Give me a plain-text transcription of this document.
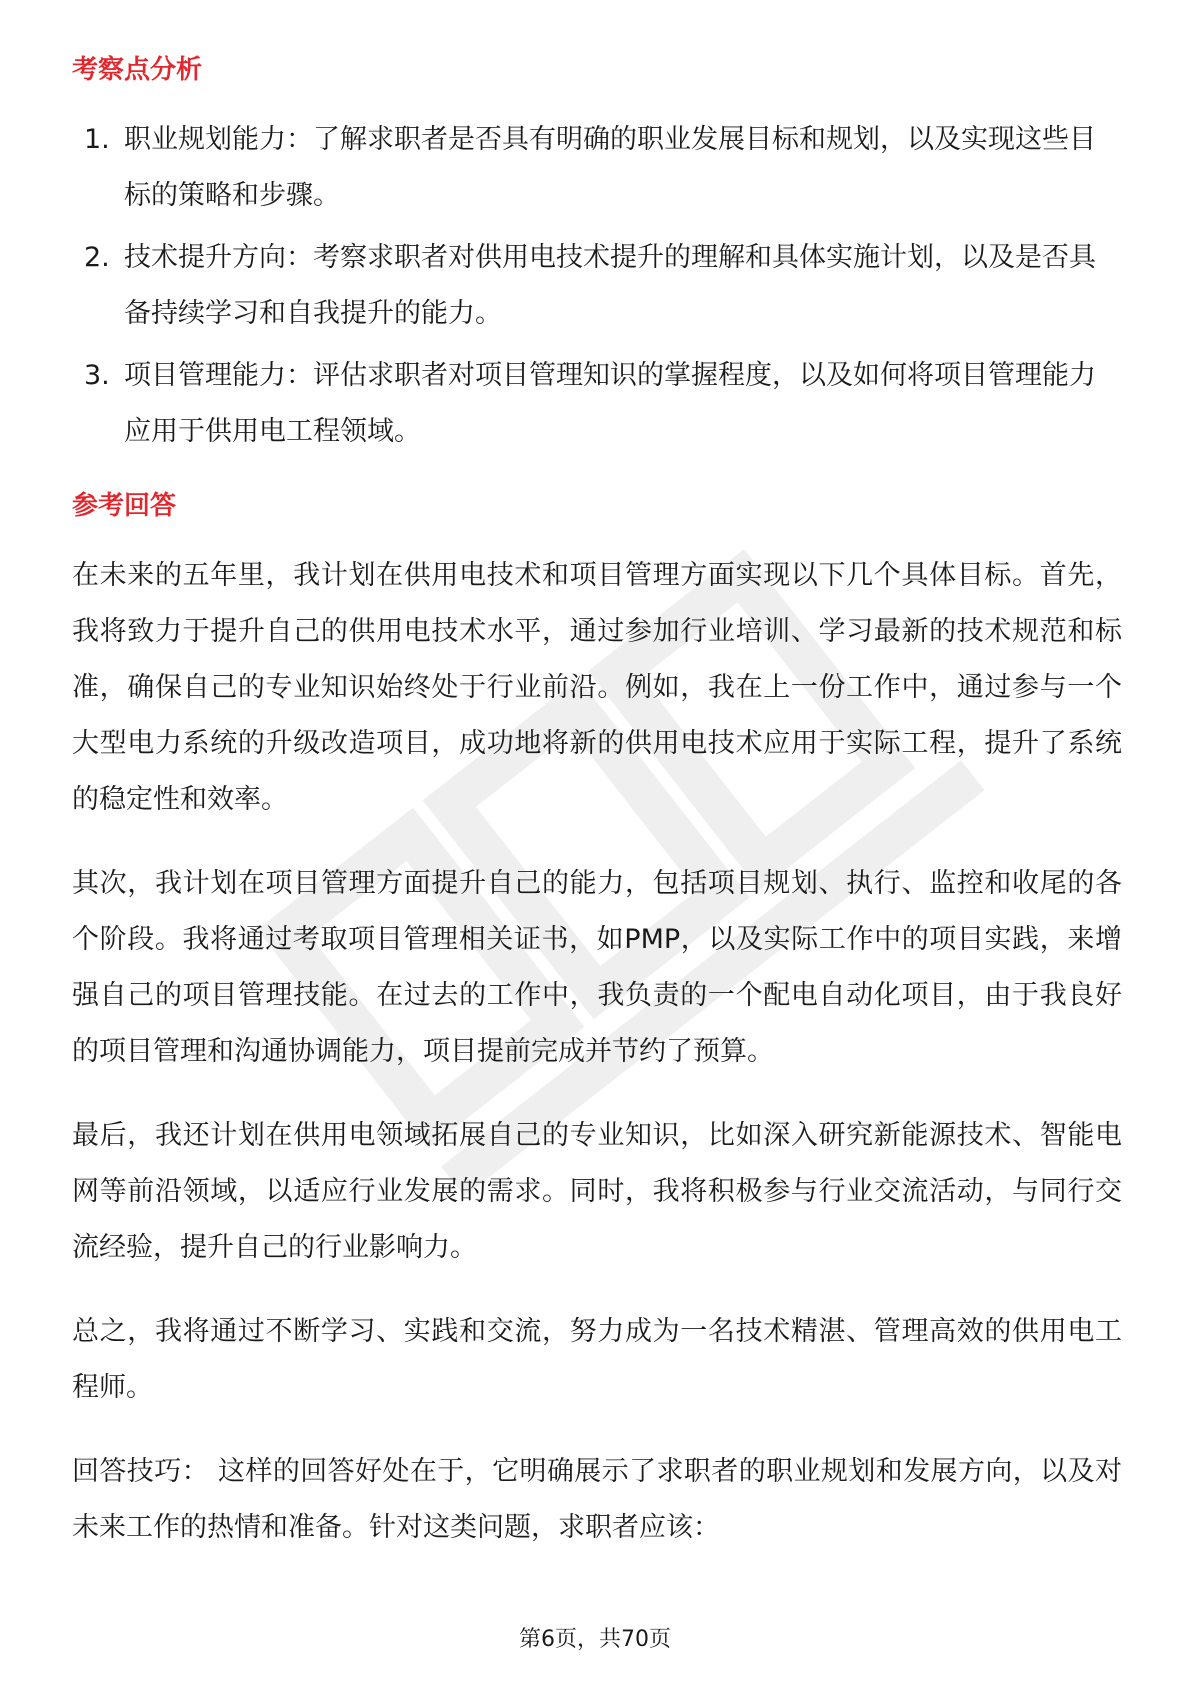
考察点分析
1. 职业规划能力：了解求职者是否具有明确的职业发展目标和规划，以及实现这些目标的策略和步骤。
2. 技术提升方向：考察求职者对供用电技术提升的理解和具体实施计划，以及是否具备持续学习和自我提升的能力。
3. 项目管理能力：评估求职者对项目管理知识的掌握程度，以及如何将项目管理能力应用于供用电工程领域。
参考回答

在未来的五年里，我计划在供用电技术和项目管理方面实现以下几个具体目标。首先，我将致力于提升自己的供用电技术水平，通过参加行业培训、学习最新的技术规范和标准，确保自己的专业知识始终处于行业前沿。例如，我在上一份工作中，通过参与一个大型电力系统的升级改造项目，成功地将新的供用电技术应用于实际工程，提升了系统的稳定性和效率。

其次，我计划在项目管理方面提升自己的能力，包括项目规划、执行、监控和收尾的各个阶段。我将通过考取项目管理相关证书，如PMP，以及实际工作中的项目实践，来增强自己的项目管理技能。在过去的工作中，我负责的一个配电自动化项目，由于我良好的项目管理和沟通协调能力，项目提前完成并节约了预算。

最后，我还计划在供用电领域拓展自己的专业知识，比如深入研究新能源技术、智能电网等前沿领域，以适应行业发展的需求。同时，我将积极参与行业交流活动，与同行交流经验，提升自己的行业影响力。

总之，我将通过不断学习、实践和交流，努力成为一名技术精湛、管理高效的供用电工程师。

回答技巧： 这样的回答好处在于，它明确展示了求职者的职业规划和发展方向，以及对未来工作的热情和准备。针对这类问题，求职者应该：

第6页，共70页
